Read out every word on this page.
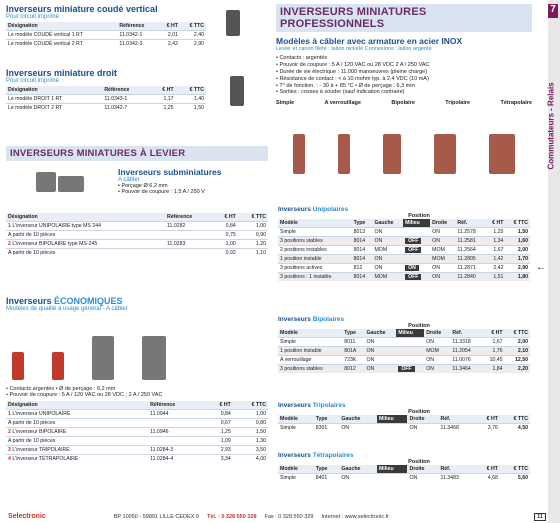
7
Commutateurs - Relais
Inverseurs miniature coudé vertical
Pour circuit imprimé
Désignation	Référence	€ HT	€ TTC
Le modèle COUDÉ vertical 1 RT	11.0342-1	2,01	2,40
Le modèle COUDÉ vertical 2 RT	11.0342-3	2,42	2,90
Inverseurs miniature droit
Pour circuit imprimé
Désignation	Référence	€ HT	€ TTC
Le modèle DROIT 1 RT	11.0343-1	1,17	1,40
Le modèle DROIT 2 RT	11.0342-7	1,25	1,50
INVERSEURS MINIATURES À LEVIER

Inverseurs subminiatures
A câbler
• Perçage Ø 6,2 mm
• Pouvoir de coupure : 1,5 A / 250 V
Désignation	Référence	€ HT	€ TTC
1 L'inverseur UNIPOLAIRE type MS 244	11.0282	0,84	1,00
A partir de 10 pièces		0,75	0,90
2 L'inverseur BIPOLAIRE type MS-245	11.0283	1,00	1,20
A partir de 10 pièces		0,92	1,10
Inverseurs ÉCONOMIQUES
Modèles de qualité à usage général - A câbler
• Contacts argentés • Ø de perçage : 6,2 mm
• Pouvoir de coupure : 5 A / 120 VAC ou 28 VDC ; 2 A / 250 VAC
Désignation	Référence	€ HT	€ TTC
1 L'inverseur UNIPOLAIRE	11.0944	0,84	1,00
A partir de 10 pièces		0,67	0,80
2 L'inverseur BIPOLAIRE	11.0946	1,25	1,50
A partir de 10 pièces		1,09	1,30
3 L'inverseur TRIPOLAIRE	11.0284-3	2,93	3,50
4 L'inverseur TÉTRAPOLAIRE	11.0284-4	3,34	4,00
INVERSEURS MINIATURES PROFESSIONNELS
Modèles à câbler avec armature en acier INOX
Levier et canon fileté : laiton nickelé Connexions : laiton argenté
• Contacts : argentés
• Pouvoir de coupure : 5 A / 120 VAC ou 28 VDC 2 A / 250 VAC
• Durée de vie électrique : 11.000 manoeuvres (pleine charge)
• Résistance de contact : < à 10 mohm typ. à 2,4 VDC (10 mA)
• T° de fonction. : - 30 à + 85 °C • Ø de perçage : 6,3 mm
• Sorties : cosses à souder (sauf indication contraire)
Simple	A verrouillage	Bipolaire	Tripolaire	Tétrapolaire
Inverseurs Unipolaires
Position
Modèle	Type	Gauche	Milieu	Droite	Réf.	€ HT	€ TTC
Simple	8013	ON		ON	11.2578	1,25	1,50
3 positions stables	8014	ON	OFF	ON	11.2581	1,34	1,60
2 positions instables	8014	MOM	OFF	MOM	11.2564	1,67	2,00
1 position instable	8014	ON		MOM	11.2805	1,42	1,70
3 positions actives	812	ON	ON	ON	11.2871	2,42	2,90
3 positions : 1 instable	8014	MOM	OFF	ON	11.2840	1,51	1,80
Inverseurs Bipolaires
Position
Modèle	Type	Gauche	Milieu	Droite	Réf.	€ HT	€ TTC
Simple	8011	ON		ON	11.3318	1,67	2,00
1 position instable	801A	ON		MOM	11.2054	1,76	2,10
A verrouillage	723K	ON		ON	11.0076	10,45	12,50
3 positions stables	8012	ON	OFF	ON	11.3464	1,84	2,20
Inverseurs Tripolaires
Position
Modèle	Type	Gauche	Milieu	Droite	Réf.	€ HT	€ TTC
Simple	8301	ON		ON	11.3468	3,76	4,50
Inverseurs Tétrapolaires
Position
Modèle	Type	Gauche	Milieu	Droite	Réf.	€ HT	€ TTC
Simple	8401	ON		ON	11.3483	4,68	5,60
←
Selectronic	BP 10050 - 59891 LILLE CEDEX 9 Tél. : 0 328 550 328 Fax : 0 328 550 329 Internet : www.selectronic.fr	11
